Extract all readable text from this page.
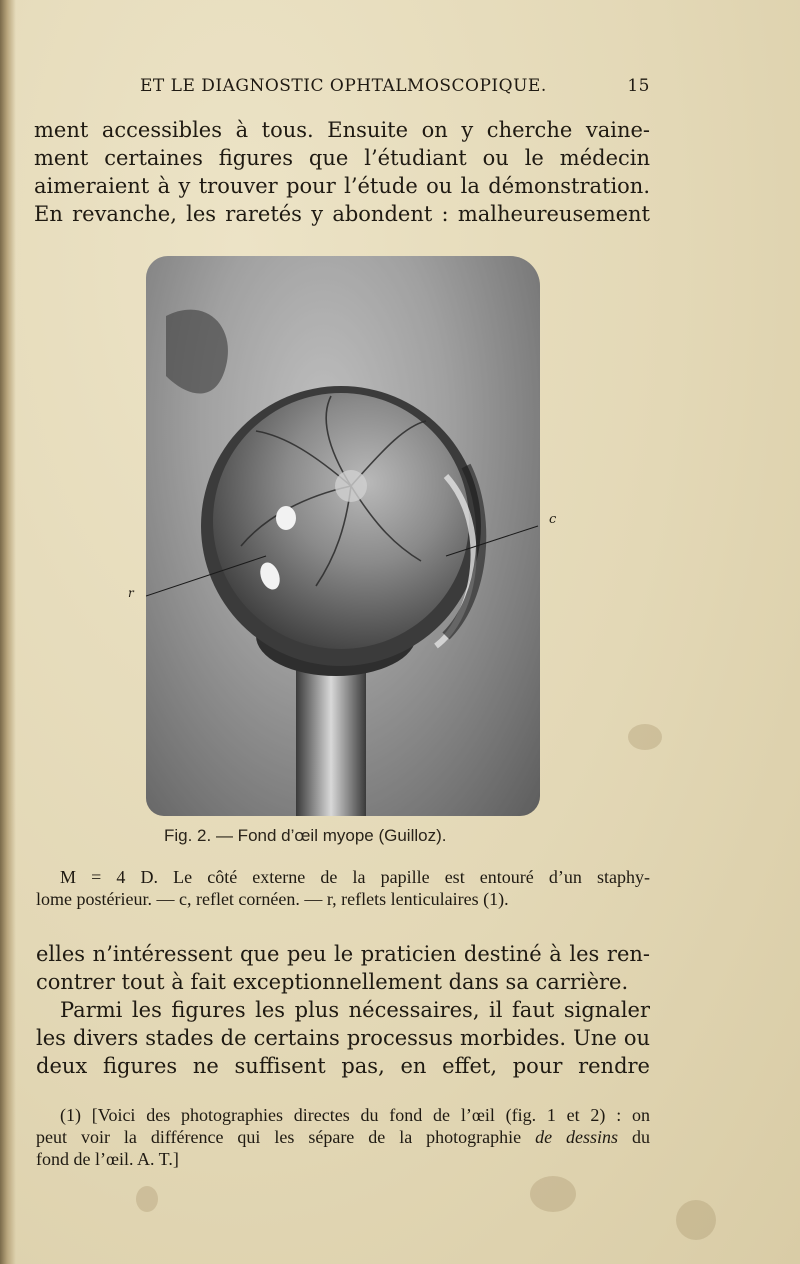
ET LE DIAGNOSTIC OPHTALMOSCOPIQUE.	15
ment accessibles à tous. Ensuite on y cherche vaine-
ment certaines figures que l’étudiant ou le médecin
aimeraient à y trouver pour l’étude ou la démonstration.
En revanche, les raretés y abondent : malheureusement
c
r
Fig. 2. — Fond d’œil myope (Guilloz).
M = 4 D. Le côté externe de la papille est entouré d’un staphy-
lome postérieur. — c, reflet cornéen. — r, reflets lenticulaires (1).
elles n’intéressent que peu le praticien destiné à les ren-
contrer tout à fait exceptionnellement dans sa carrière.
Parmi les figures les plus nécessaires, il faut signaler
les divers stades de certains processus morbides. Une ou
deux figures ne suffisent pas, en effet, pour rendre
(1) [Voici des photographies directes du fond de l’œil (fig. 1 et 2) : on
peut voir la différence qui les sépare de la photographie de dessins du
fond de l’œil. A. T.]
